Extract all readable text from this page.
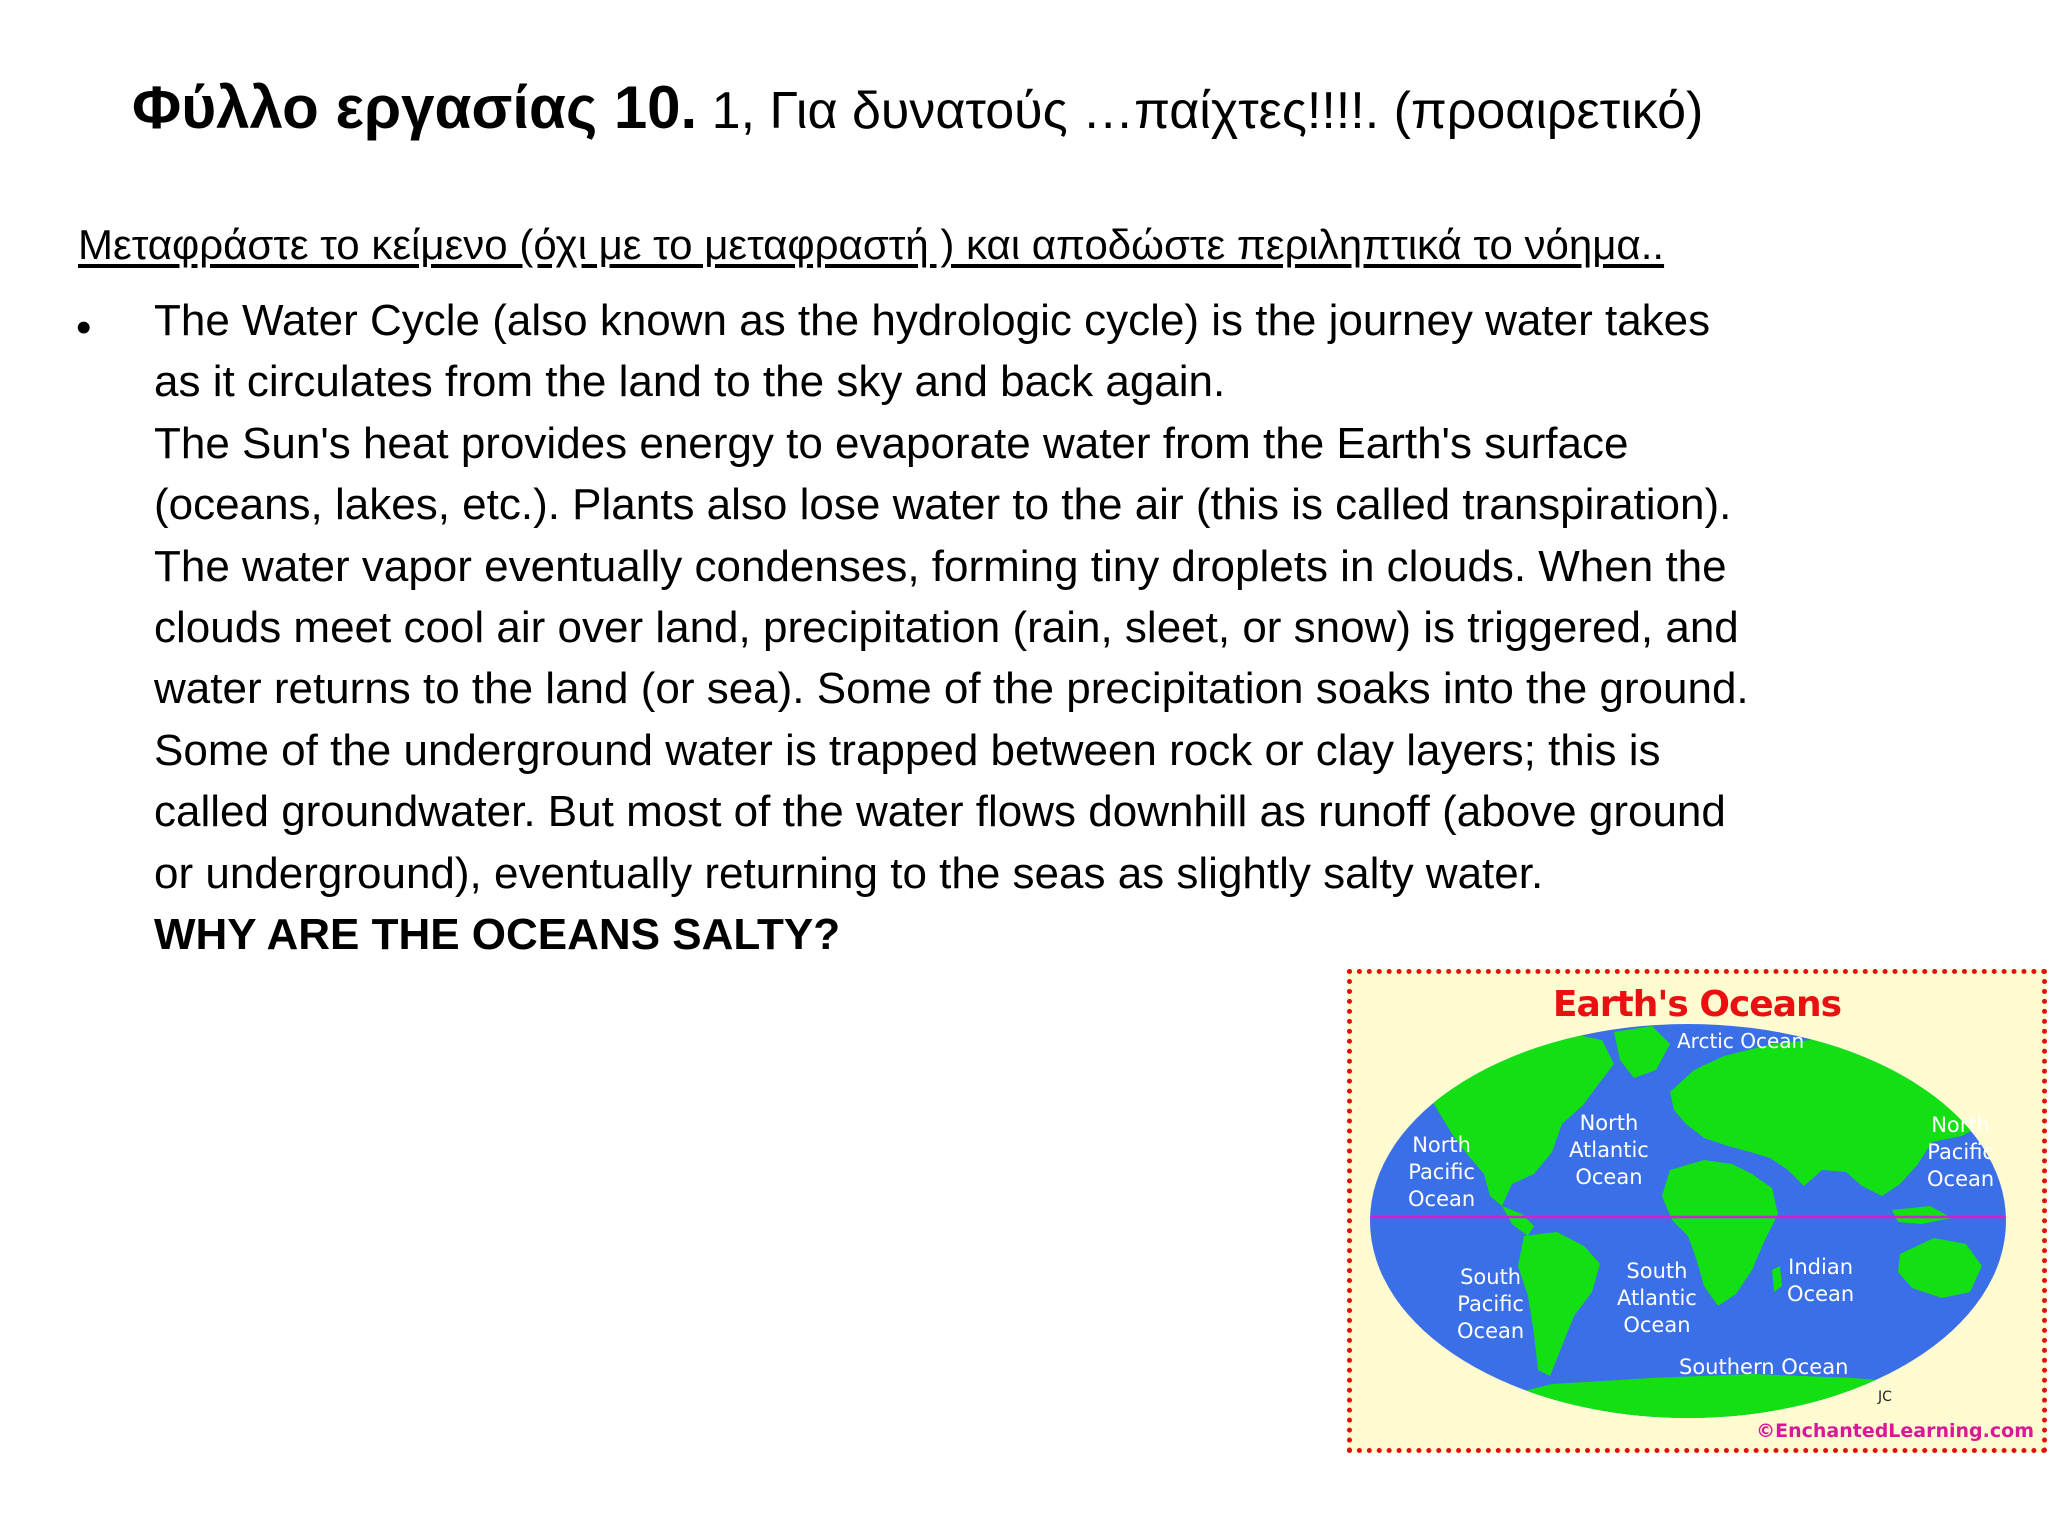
Φύλλο εργασίας 10. 1, Για δυνατούς …παίχτες!!!!. (προαιρετικό)
Μεταφράστε το κείμενο (όχι με το μεταφραστή ) και αποδώστε περιληπτικά το νόημα..
• The Water Cycle (also known as the hydrologic cycle) is the journey water takes
as it circulates from the land to the sky and back again.
The Sun's heat provides energy to evaporate water from the Earth's surface
(oceans, lakes, etc.). Plants also lose water to the air (this is called transpiration).
The water vapor eventually condenses, forming tiny droplets in clouds. When the
clouds meet cool air over land, precipitation (rain, sleet, or snow) is triggered, and
water returns to the land (or sea). Some of the precipitation soaks into the ground.
Some of the underground water is trapped between rock or clay layers; this is
called groundwater. But most of the water flows downhill as runoff (above ground
or underground), eventually returning to the seas as slightly salty water.
WHY ARE THE OCEANS SALTY?
Earth's Oceans
Arctic Ocean
North
Pacific
Ocean
North
Atlantic
Ocean
North
Pacific
Ocean
South
Pacific
Ocean
South
Atlantic
Ocean
Indian
Ocean
Southern Ocean
JC
©EnchantedLearning.com
